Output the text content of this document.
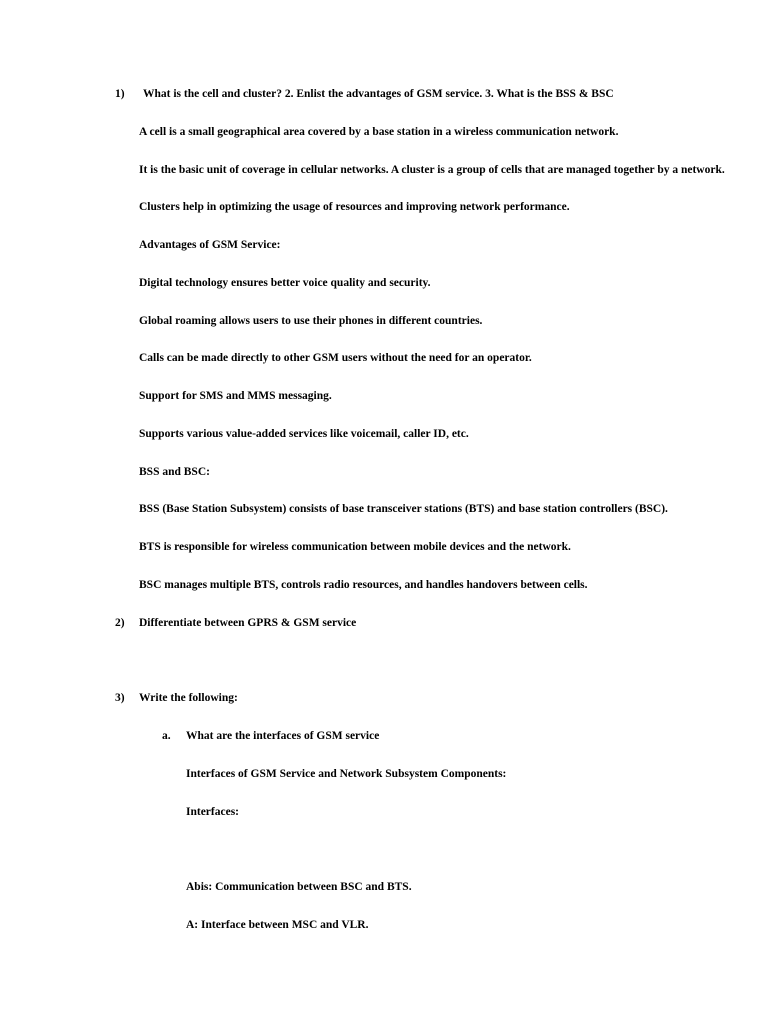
1) What is the cell and cluster? 2. Enlist the advantages of GSM service. 3. What is the BSS & BSC
A cell is a small geographical area covered by a base station in a wireless communication network.
It is the basic unit of coverage in cellular networks. A cluster is a group of cells that are managed together by a network.
Clusters help in optimizing the usage of resources and improving network performance.
Advantages of GSM Service:
Digital technology ensures better voice quality and security.
Global roaming allows users to use their phones in different countries.
Calls can be made directly to other GSM users without the need for an operator.
Support for SMS and MMS messaging.
Supports various value-added services like voicemail, caller ID, etc.
BSS and BSC:
BSS (Base Station Subsystem) consists of base transceiver stations (BTS) and base station controllers (BSC).
BTS is responsible for wireless communication between mobile devices and the network.
BSC manages multiple BTS, controls radio resources, and handles handovers between cells.
2) Differentiate between GPRS & GSM service
3) Write the following:
a. What are the interfaces of GSM service
Interfaces of GSM Service and Network Subsystem Components:
Interfaces:
Abis: Communication between BSC and BTS.
A: Interface between MSC and VLR.
